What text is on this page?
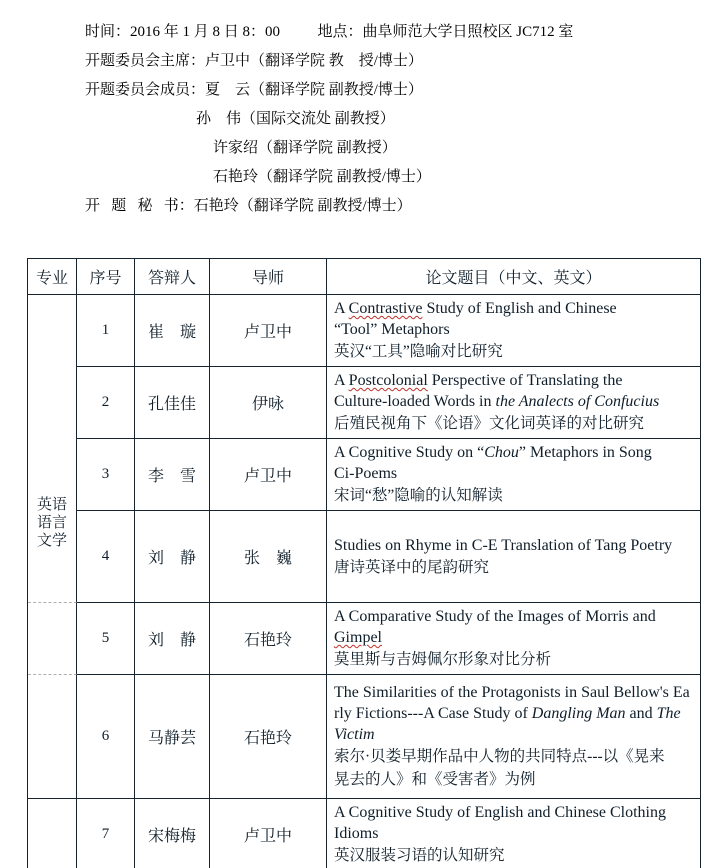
时间：2016 年 1 月 8 日 8：00          地点：曲阜师范大学日照校区 JC712 室
开题委员会主席：卢卫中（翻译学院 教　授/博士）
开题委员会成员：夏　云（翻译学院 副教授/博士）
孙　伟（国际交流处 副教授）
许家绍（翻译学院 副教授）
石艳玲（翻译学院 副教授/博士）
开   题   秘   书：石艳玲（翻译学院 副教授/博士）
专业	序号	答辩人	导师	论文题目（中文、英文）

英语
语言
文学
	1	崔　璇	卢卫中	
A Contrastive Study of English and Chinese
“Tool” Metaphors
英汉“工具”隐喻对比研究

	2	孔佳佳	伊咏	A Postcolonial Perspective of Translating the
Culture-loaded Words in the Analects of Confucius
后殖民视角下《论语》文化词英译的对比研究

	3	李　雪	卢卫中	A Cognitive Study on “Chou” Metaphors in Song
Ci-Poems
宋词“愁”隐喻的认知解读

	4	刘　静	张　巍	Studies on Rhyme in C-E Translation of Tang Poetry
唐诗英译中的尾韵研究

	5	刘　静	石艳玲	A Comparative Study of the Images of Morris and
Gimpel
莫里斯与吉姆佩尔形象对比分析

	6	马静芸	石艳玲	The Similarities of the Protagonists in Saul Bellow's Ea
rly Fictions---A Case Study of Dangling Man and The
Victim
索尔·贝娄早期作品中人物的共同特点---以《晃来
晃去的人》和《受害者》为例

	7	宋梅梅	卢卫中	A Cognitive Study of English and Chinese Clothing
Idioms
英汉服装习语的认知研究
